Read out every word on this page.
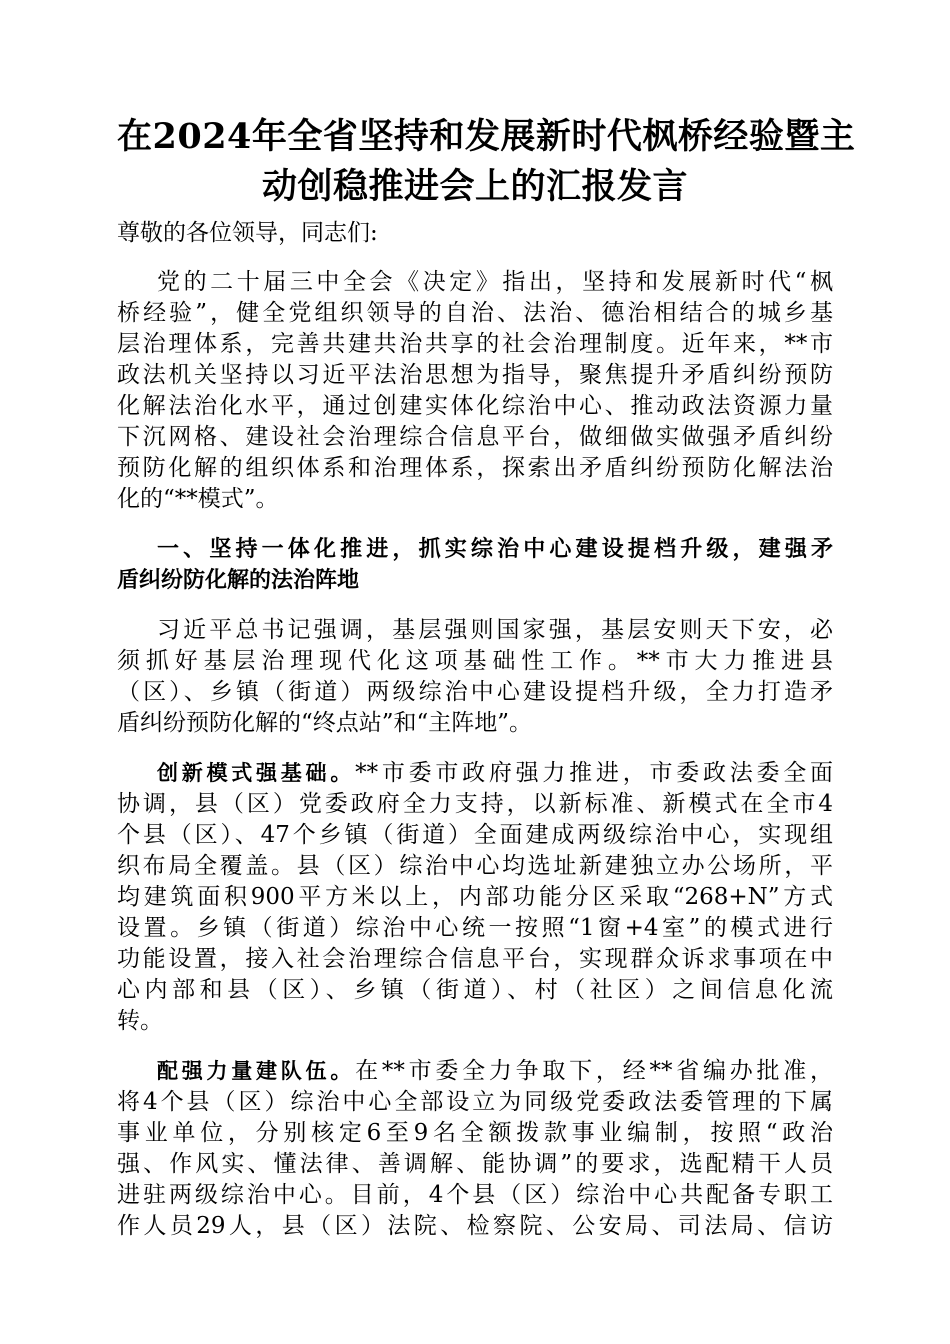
在2024年全省坚持和发展新时代枫桥经验暨主
动创稳推进会上的汇报发言
尊敬的各位领导，同志们:
党的二十届三中全会《决定》指出，坚持和发展新时代“枫
桥经验”，健全党组织领导的自治、法治、德治相结合的城乡基
层治理体系，完善共建共治共享的社会治理制度。近年来，**市
政法机关坚持以习近平法治思想为指导，聚焦提升矛盾纠纷预防
化解法治化水平，通过创建实体化综治中心、推动政法资源力量
下沉网格、建设社会治理综合信息平台，做细做实做强矛盾纠纷
预防化解的组织体系和治理体系，探索出矛盾纠纷预防化解法治
化的“**模式”。
一、坚持一体化推进，抓实综治中心建设提档升级，建强矛
盾纠纷防化解的法治阵地
习近平总书记强调，基层强则国家强，基层安则天下安，必
须抓好基层治理现代化这项基础性工作。**市大力推进县
（区）、乡镇（街道）两级综治中心建设提档升级，全力打造矛
盾纠纷预防化解的“终点站”和“主阵地”。
创新模式强基础。**市委市政府强力推进，市委政法委全面
协调，县（区）党委政府全力支持，以新标准、新模式在全市4
个县（区）、47个乡镇（街道）全面建成两级综治中心，实现组
织布局全覆盖。县（区）综治中心均选址新建独立办公场所，平
均建筑面积900平方米以上，内部功能分区采取“268+N”方式
设置。乡镇（街道）综治中心统一按照“1窗+4室”的模式进行
功能设置，接入社会治理综合信息平台，实现群众诉求事项在中
心内部和县（区）、乡镇（街道）、村（社区）之间信息化流
转。
配强力量建队伍。在**市委全力争取下，经**省编办批准，
将4个县（区）综治中心全部设立为同级党委政法委管理的下属
事业单位，分别核定6至9名全额拨款事业编制，按照“政治
强、作风实、懂法律、善调解、能协调”的要求，选配精干人员
进驻两级综治中心。目前，4个县（区）综治中心共配备专职工
作人员29人，县（区）法院、检察院、公安局、司法局、信访
